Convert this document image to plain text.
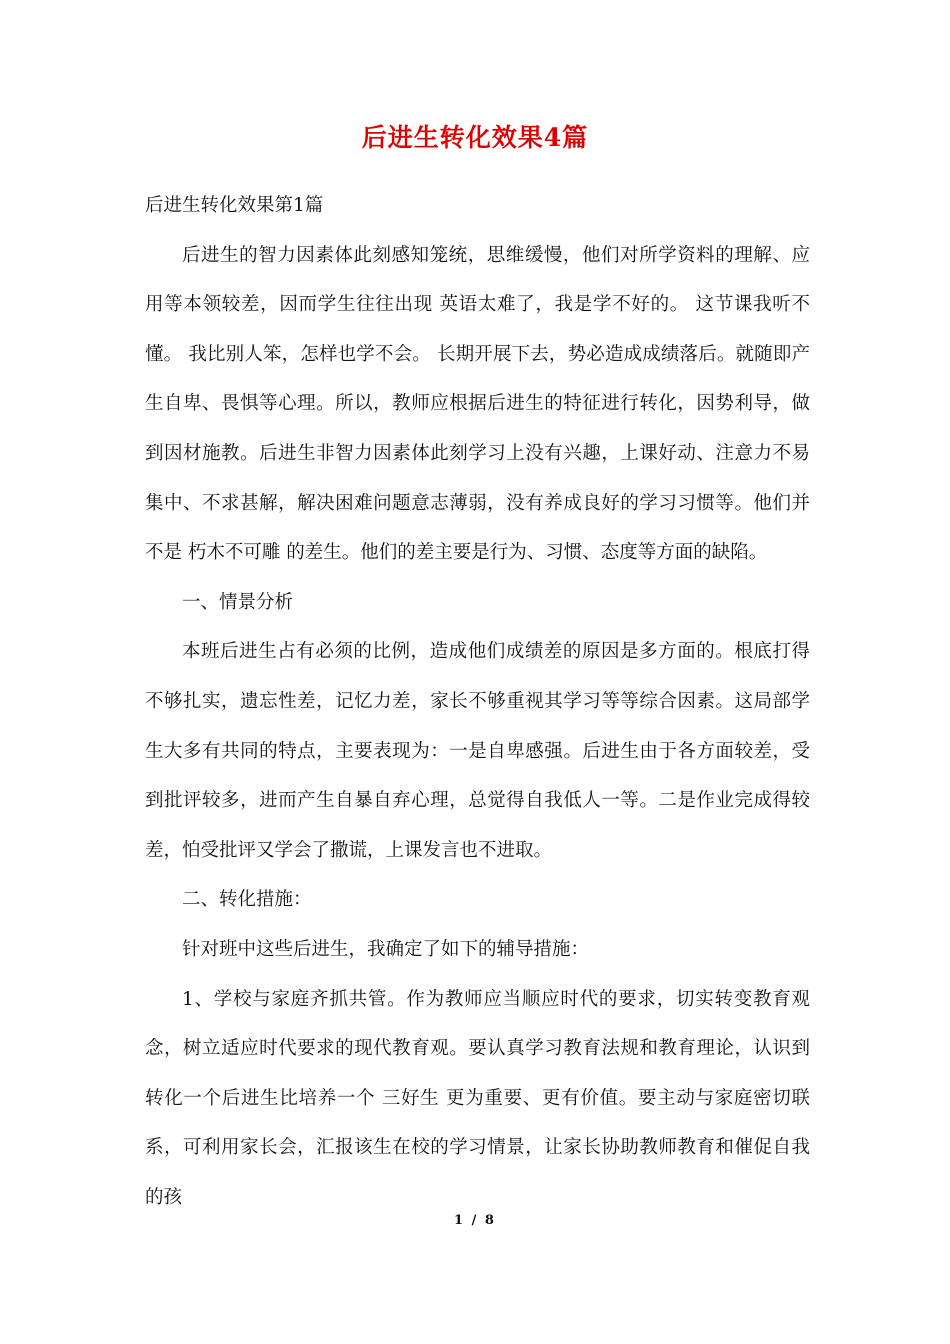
后进生转化效果4篇

后进生转化效果第1篇

后进生的智力因素体此刻感知笼统，思维缓慢，他们对所学资料的理解、应用等本领较差，因而学生往往出现 英语太难了，我是学不好的。 这节课我听不懂。 我比别人笨，怎样也学不会。 长期开展下去，势必造成成绩落后。就随即产生自卑、畏惧等心理。所以，教师应根据后进生的特征进行转化，因势利导，做到因材施教。后进生非智力因素体此刻学习上没有兴趣，上课好动、注意力不易集中、不求甚解，解决困难问题意志薄弱，没有养成良好的学习习惯等。他们并不是 朽木不可雕 的差生。他们的差主要是行为、习惯、态度等方面的缺陷。

一、情景分析

本班后进生占有必须的比例，造成他们成绩差的原因是多方面的。根底打得不够扎实，遗忘性差，记忆力差，家长不够重视其学习等等综合因素。这局部学生大多有共同的特点，主要表现为：一是自卑感强。后进生由于各方面较差，受到批评较多，进而产生自暴自弃心理，总觉得自我低人一等。二是作业完成得较差，怕受批评又学会了撒谎，上课发言也不进取。

二、转化措施：

针对班中这些后进生，我确定了如下的辅导措施：

1、学校与家庭齐抓共管。作为教师应当顺应时代的要求，切实转变教育观念，树立适应时代要求的现代教育观。要认真学习教育法规和教育理论，认识到转化一个后进生比培养一个 三好生 更为重要、更有价值。要主动与家庭密切联系，可利用家长会，汇报该生在校的学习情景，让家长协助教师教育和催促自我的孩

1 / 8
